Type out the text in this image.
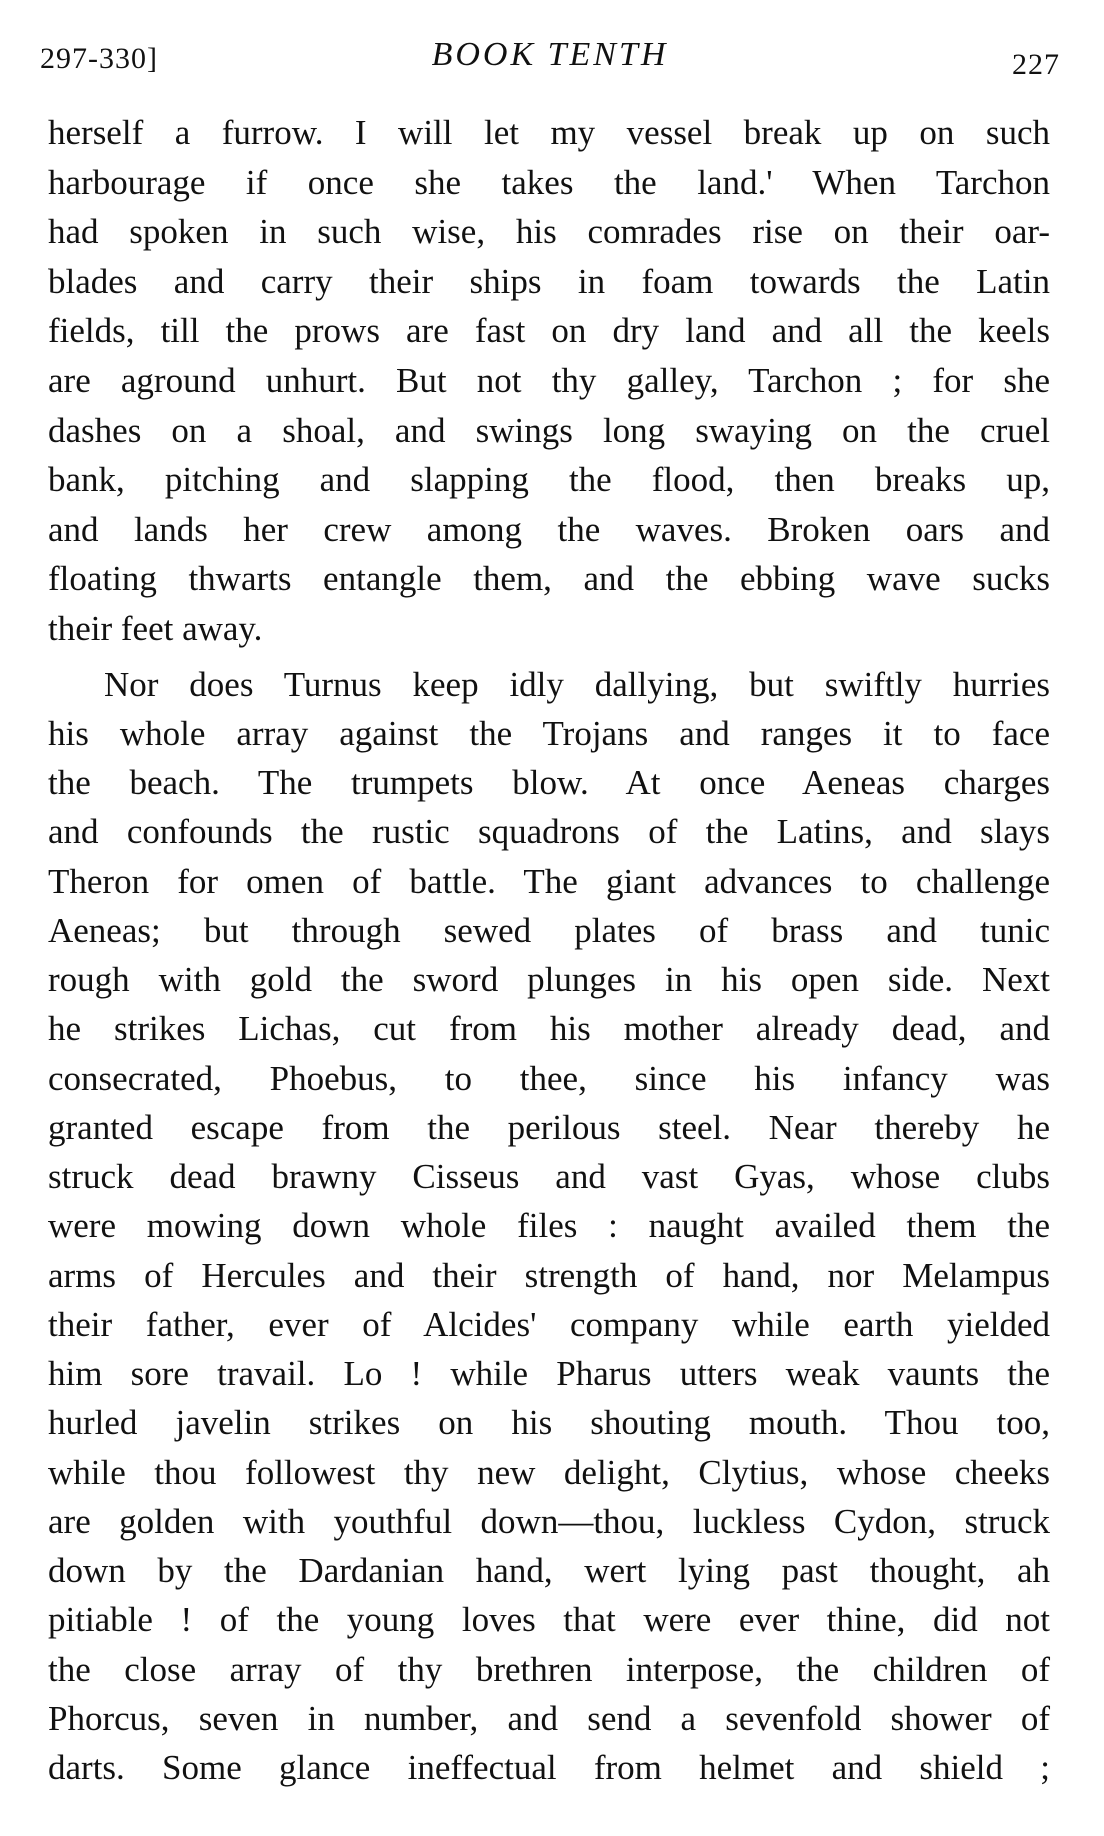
297-330]	BOOK TENTH	227
herself a furrow. I will let my vessel break up on such
harbourage if once she takes the land.' When Tarchon
had spoken in such wise, his comrades rise on their oar-
blades and carry their ships in foam towards the Latin
fields, till the prows are fast on dry land and all the keels
are aground unhurt. But not thy galley, Tarchon ; for she
dashes on a shoal, and swings long swaying on the cruel
bank, pitching and slapping the flood, then breaks up,
and lands her crew among the waves. Broken oars and
floating thwarts entangle them, and the ebbing wave sucks
their feet away.
Nor does Turnus keep idly dallying, but swiftly hurries
his whole array against the Trojans and ranges it to face
the beach. The trumpets blow. At once Aeneas charges
and confounds the rustic squadrons of the Latins, and slays
Theron for omen of battle. The giant advances to challenge
Aeneas; but through sewed plates of brass and tunic
rough with gold the sword plunges in his open side. Next
he strikes Lichas, cut from his mother already dead, and
consecrated, Phoebus, to thee, since his infancy was
granted escape from the perilous steel. Near thereby he
struck dead brawny Cisseus and vast Gyas, whose clubs
were mowing down whole files : naught availed them the
arms of Hercules and their strength of hand, nor Melampus
their father, ever of Alcides' company while earth yielded
him sore travail. Lo ! while Pharus utters weak vaunts the
hurled javelin strikes on his shouting mouth. Thou too,
while thou followest thy new delight, Clytius, whose cheeks
are golden with youthful down—thou, luckless Cydon, struck
down by the Dardanian hand, wert lying past thought, ah
pitiable ! of the young loves that were ever thine, did not
the close array of thy brethren interpose, the children of
Phorcus, seven in number, and send a sevenfold shower of
darts. Some glance ineffectual from helmet and shield ;
